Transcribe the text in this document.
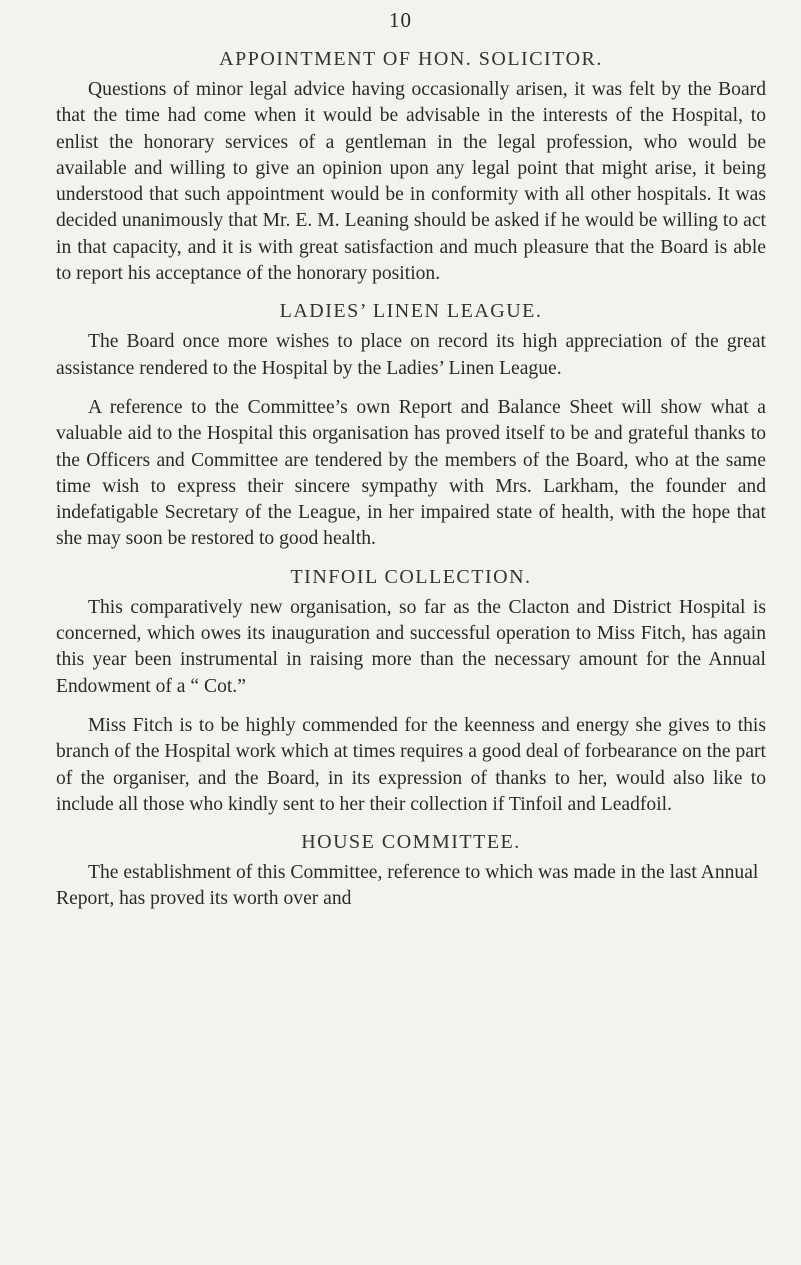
10
APPOINTMENT OF HON. SOLICITOR.

Questions of minor legal advice having occasionally arisen, it was felt by the Board that the time had come when it would be advisable in the interests of the Hospital, to enlist the honorary services of a gentleman in the legal profession, who would be available and willing to give an opinion upon any legal point that might arise, it being understood that such appointment would be in conformity with all other hospitals. It was decided unanimously that Mr. E. M. Leaning should be asked if he would be willing to act in that capacity, and it is with great satisfaction and much pleasure that the Board is able to report his acceptance of the honorary position.

LADIES’ LINEN LEAGUE.

The Board once more wishes to place on record its high appreciation of the great assistance rendered to the Hospital by the Ladies’ Linen League.

A reference to the Committee’s own Report and Balance Sheet will show what a valuable aid to the Hospital this organisation has proved itself to be and grateful thanks to the Officers and Committee are tendered by the members of the Board, who at the same time wish to express their sincere sympathy with Mrs. Larkham, the founder and indefatigable Secretary of the League, in her impaired state of health, with the hope that she may soon be restored to good health.

TINFOIL COLLECTION.

This comparatively new organisation, so far as the Clacton and District Hospital is concerned, which owes its inauguration and successful operation to Miss Fitch, has again this year been instrumental in raising more than the necessary amount for the Annual Endowment of a “ Cot.”

Miss Fitch is to be highly commended for the keenness and energy she gives to this branch of the Hospital work which at times requires a good deal of forbearance on the part of the organiser, and the Board, in its expression of thanks to her, would also like to include all those who kindly sent to her their collection if Tinfoil and Leadfoil.

HOUSE COMMITTEE.

The establishment of this Committee, reference to which was made in the last Annual Report, has proved its worth over and
